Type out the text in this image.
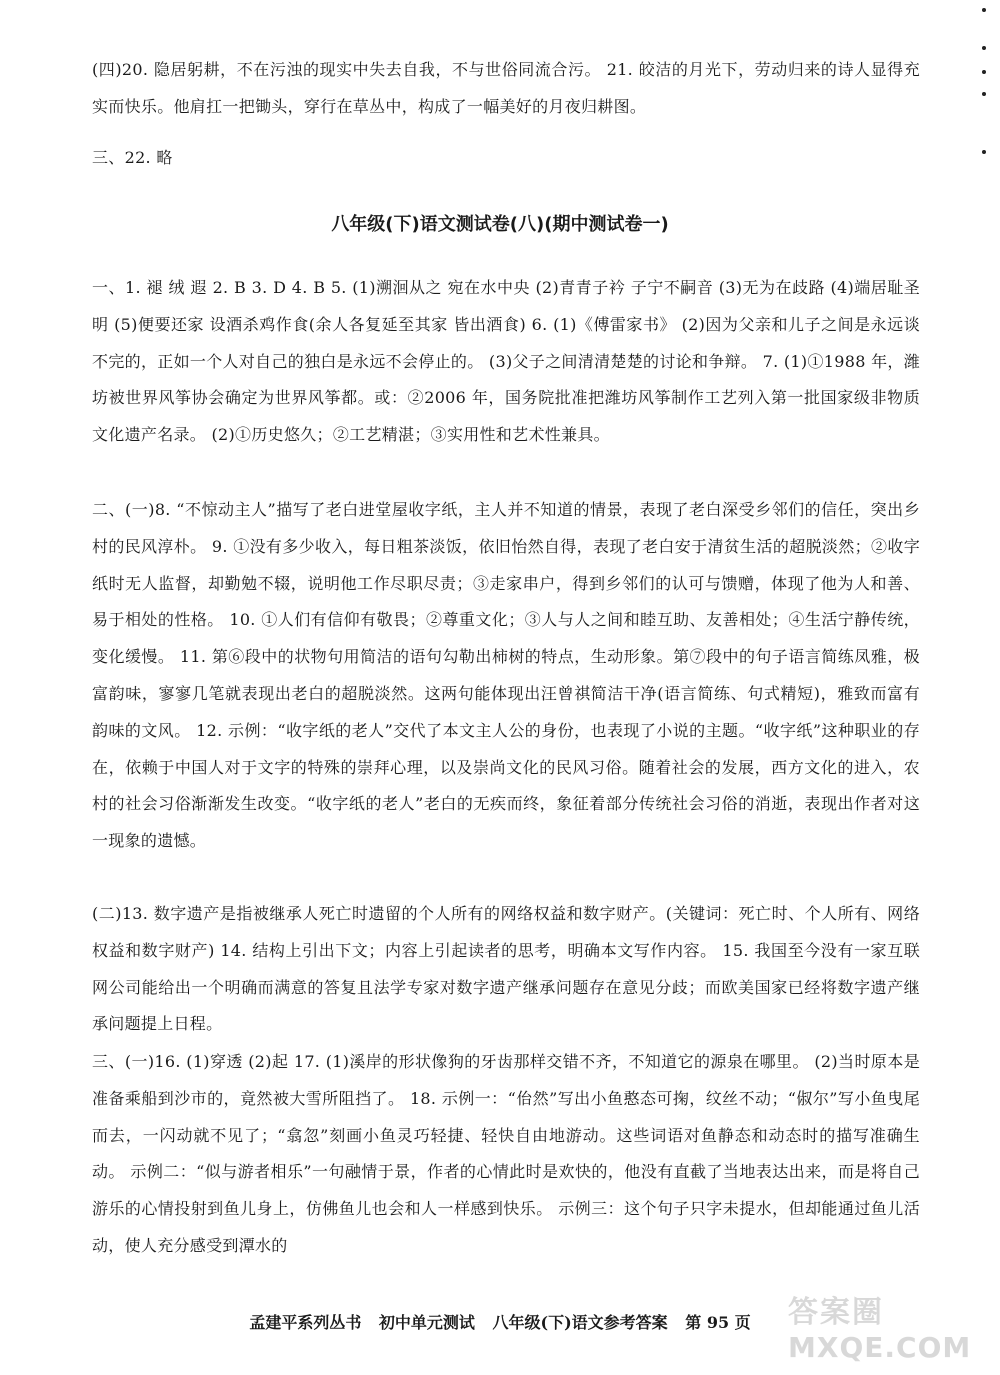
(四)20. 隐居躬耕，不在污浊的现实中失去自我，不与世俗同流合污。 21. 皎洁的月光下，劳动归来的诗人显得充实而快乐。他肩扛一把锄头，穿行在草丛中，构成了一幅美好的月夜归耕图。

三、22. 略

八年级(下)语文测试卷(八)(期中测试卷一)

一、1. 褪 绒 遐 2. B 3. D 4. B 5. (1)溯洄从之 宛在水中央 (2)青青子衿 子宁不嗣音 (3)无为在歧路 (4)端居耻圣明 (5)便要还家 设酒杀鸡作食(余人各复延至其家 皆出酒食) 6. (1)《傅雷家书》 (2)因为父亲和儿子之间是永远谈不完的，正如一个人对自己的独白是永远不会停止的。 (3)父子之间清清楚楚的讨论和争辩。 7. (1)①1988 年，潍坊被世界风筝协会确定为世界风筝都。或：②2006 年，国务院批准把潍坊风筝制作工艺列入第一批国家级非物质文化遗产名录。 (2)①历史悠久；②工艺精湛；③实用性和艺术性兼具。

二、(一)8. “不惊动主人”描写了老白进堂屋收字纸，主人并不知道的情景，表现了老白深受乡邻们的信任，突出乡村的民风淳朴。 9. ①没有多少收入，每日粗茶淡饭，依旧怡然自得，表现了老白安于清贫生活的超脱淡然；②收字纸时无人监督，却勤勉不辍，说明他工作尽职尽责；③走家串户，得到乡邻们的认可与馈赠，体现了他为人和善、易于相处的性格。 10. ①人们有信仰有敬畏；②尊重文化；③人与人之间和睦互助、友善相处；④生活宁静传统，变化缓慢。 11. 第⑥段中的状物句用简洁的语句勾勒出柿树的特点，生动形象。第⑦段中的句子语言简练凤雅，极富韵味，寥寥几笔就表现出老白的超脱淡然。这两句能体现出汪曾祺简洁干净(语言简练、句式精短)，雅致而富有韵味的文风。 12. 示例：“收字纸的老人”交代了本文主人公的身份，也表现了小说的主题。“收字纸”这种职业的存在，依赖于中国人对于文字的特殊的崇拜心理，以及崇尚文化的民风习俗。随着社会的发展，西方文化的进入，农村的社会习俗渐渐发生改变。“收字纸的老人”老白的无疾而终，象征着部分传统社会习俗的消逝，表现出作者对这一现象的遗憾。

(二)13. 数字遗产是指被继承人死亡时遗留的个人所有的网络权益和数字财产。(关键词：死亡时、个人所有、网络权益和数字财产) 14. 结构上引出下文；内容上引起读者的思考，明确本文写作内容。 15. 我国至今没有一家互联网公司能给出一个明确而满意的答复且法学专家对数字遗产继承问题存在意见分歧；而欧美国家已经将数字遗产继承问题提上日程。

三、(一)16. (1)穿透 (2)起 17. (1)溪岸的形状像狗的牙齿那样交错不齐，不知道它的源泉在哪里。 (2)当时原本是准备乘船到沙市的，竟然被大雪所阻挡了。 18. 示例一：“佁然”写出小鱼憨态可掬，纹丝不动；“俶尔”写小鱼曳尾而去，一闪动就不见了；“翕忽”刻画小鱼灵巧轻捷、轻快自由地游动。这些词语对鱼静态和动态时的描写准确生动。 示例二：“似与游者相乐”一句融情于景，作者的心情此时是欢快的，他没有直截了当地表达出来，而是将自己游乐的心情投射到鱼儿身上，仿佛鱼儿也会和人一样感到快乐。 示例三：这个句子只字未提水，但却能通过鱼儿活动，使人充分感受到潭水的

孟建平系列丛书 初中单元测试 八年级(下)语文参考答案 第 95 页	答案圈
MXQE.COM
